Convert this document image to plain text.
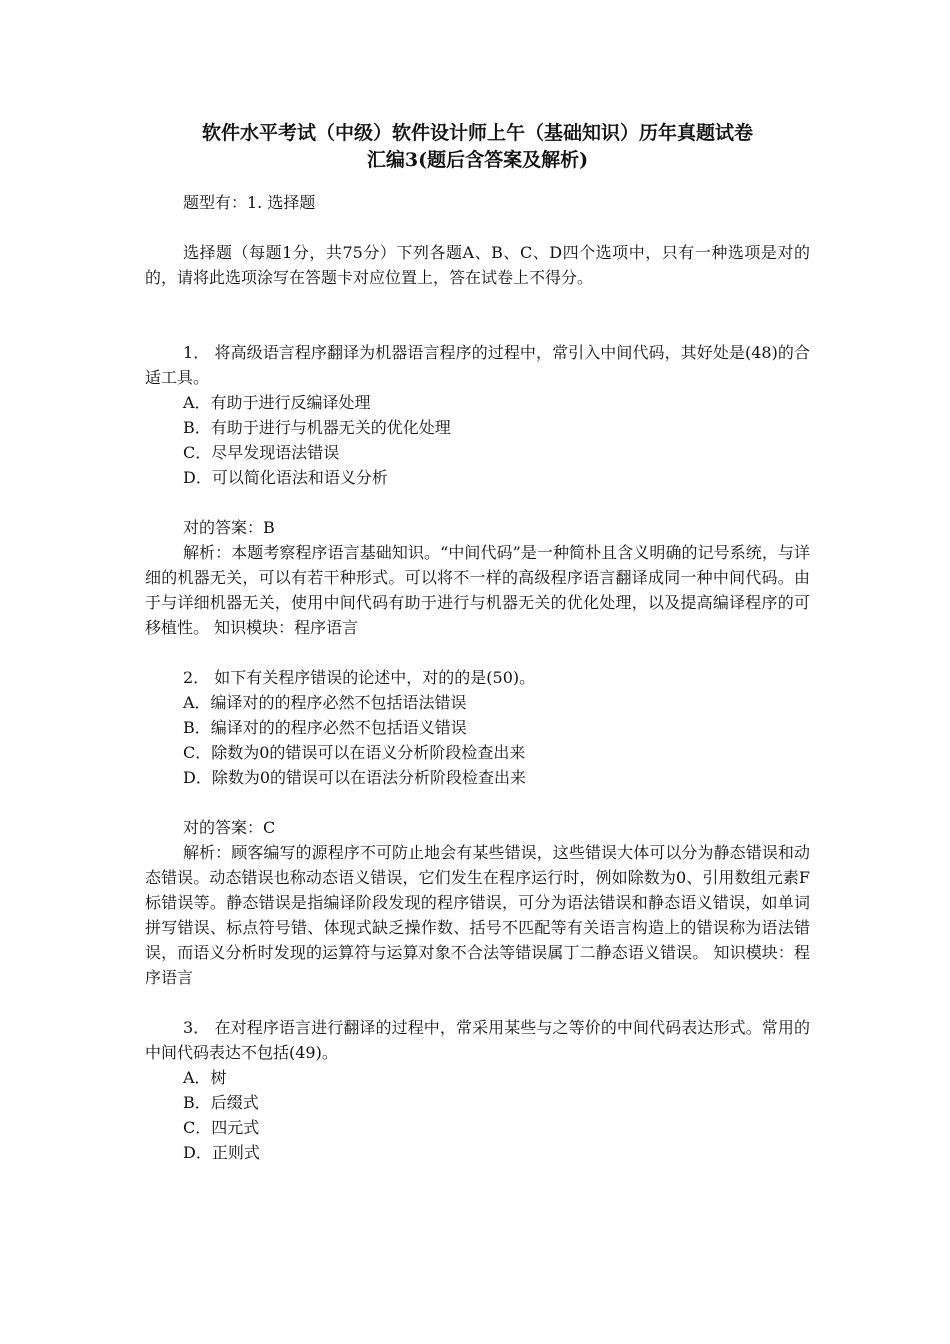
软件水平考试（中级）软件设计师上午（基础知识）历年真题试卷
汇编3(题后含答案及解析)

题型有：1. 选择题

选择题（每题1分，共75分）下列各题A、B、C、D四个选项中，只有一种选项是对的的，请将此选项涂写在答题卡对应位置上，答在试卷上不得分。

1． 将高级语言程序翻译为机器语言程序的过程中，常引入中间代码，其好处是(48)的合适工具。

A．有助于进行反编译处理

B．有助于进行与机器无关的优化处理

C．尽早发现语法错误

D．可以简化语法和语义分析

对的答案：B

解析：本题考察程序语言基础知识。“中间代码”是一种简朴且含义明确的记号系统，与详细的机器无关，可以有若干种形式。可以将不一样的高级程序语言翻译成同一种中间代码。由于与详细机器无关，使用中间代码有助于进行与机器无关的优化处理，以及提高编译程序的可移植性。 知识模块：程序语言

2． 如下有关程序错误的论述中，对的的是(50)。

A．编译对的的程序必然不包括语法错误

B．编译对的的程序必然不包括语义错误

C．除数为0的错误可以在语义分析阶段检查出来

D．除数为0的错误可以在语法分析阶段检查出来

对的答案：C

解析：顾客编写的源程序不可防止地会有某些错误，这些错误大体可以分为静态错误和动态错误。动态错误也称动态语义错误，它们发生在程序运行时，例如除数为0、引用数组元素F标错误等。静态错误是指编译阶段发现的程序错误，可分为语法错误和静态语义错误，如单词拼写错误、标点符号错、体现式缺乏操作数、括号不匹配等有关语言构造上的错误称为语法错误，而语义分析时发现的运算符与运算对象不合法等错误属丁二静态语义错误。 知识模块：程序语言

3． 在对程序语言进行翻译的过程中，常采用某些与之等价的中间代码表达形式。常用的中间代码表达不包括(49)。

A．树

B．后缀式

C．四元式

D．正则式
